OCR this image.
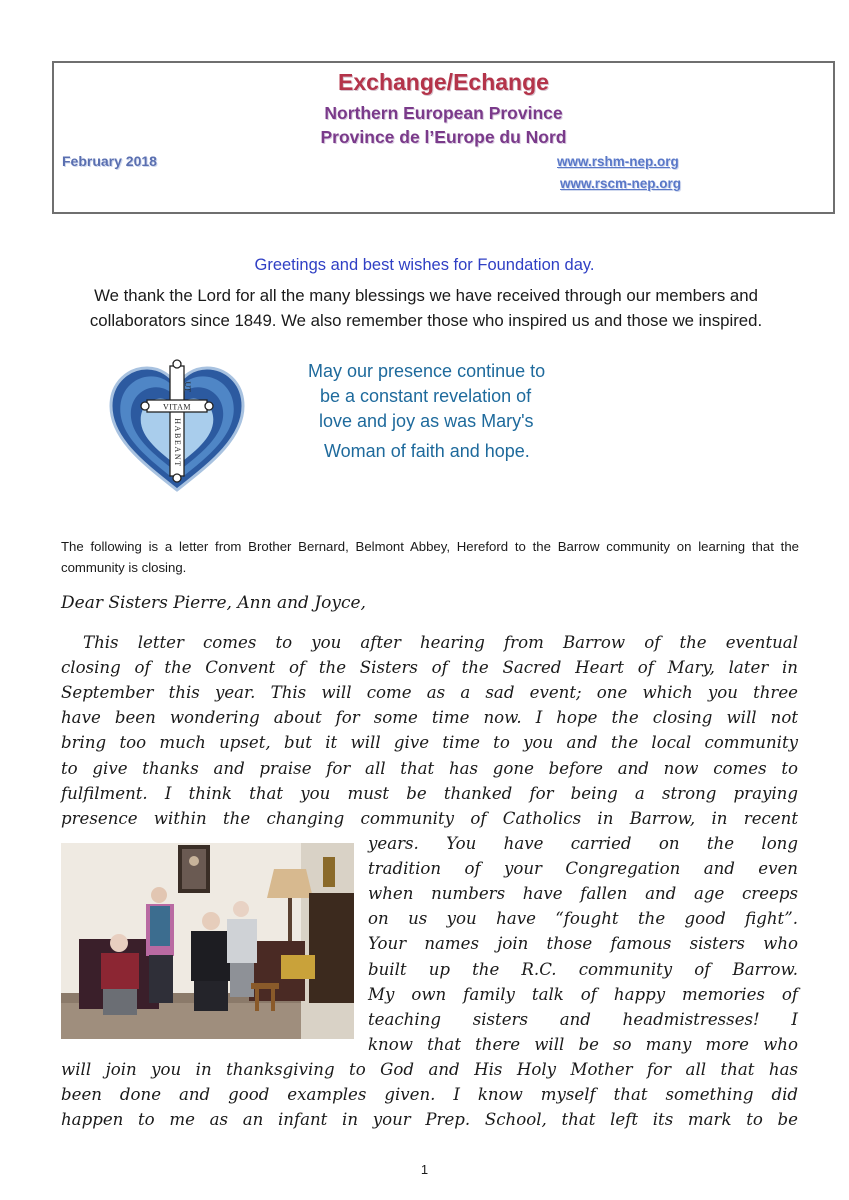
Exchange/Echange
Northern European Province
Province de l’Europe du Nord
February 2018	www.rshm-nep.org
www.rscm-nep.org
Greetings and best wishes for Foundation day.
We thank the Lord for all the many blessings we have received through our members and collaborators since 1849. We also remember those who inspired us and those we inspired.
VITAM
UT
HABEANT
May our presence continue to
be a constant revelation of
love and joy as was Mary's
Woman of faith and hope.
The following is a letter from Brother Bernard, Belmont Abbey, Hereford to the Barrow community on learning that the community is closing.
Dear Sisters Pierre, Ann and Joyce,
This letter comes to you after hearing from Barrow of the eventual
closing of the Convent of the Sisters of the Sacred Heart of Mary, later in
September this year. This will come as a sad event; one which you three
have been wondering about for some time now. I hope the closing will not
bring too much upset, but it will give time to you and the local community
to give thanks and praise for all that has gone before and now comes to
fulfilment. I think that you must be thanked for being a strong praying
presence within the changing community of Catholics in Barrow, in recent
years. You have carried on the long
tradition of your Congregation and even
when numbers have fallen and age creeps
on us you have “fought the good fight”.
Your names join those famous sisters who
built up the R.C. community of Barrow.
My own family talk of happy memories of
teaching sisters and headmistresses! I
know that there will be so many more who
will join you in thanksgiving to God and His Holy Mother for all that has
been done and good examples given. I know myself that something did
happen to me as an infant in your Prep. School, that left its mark to be
1
